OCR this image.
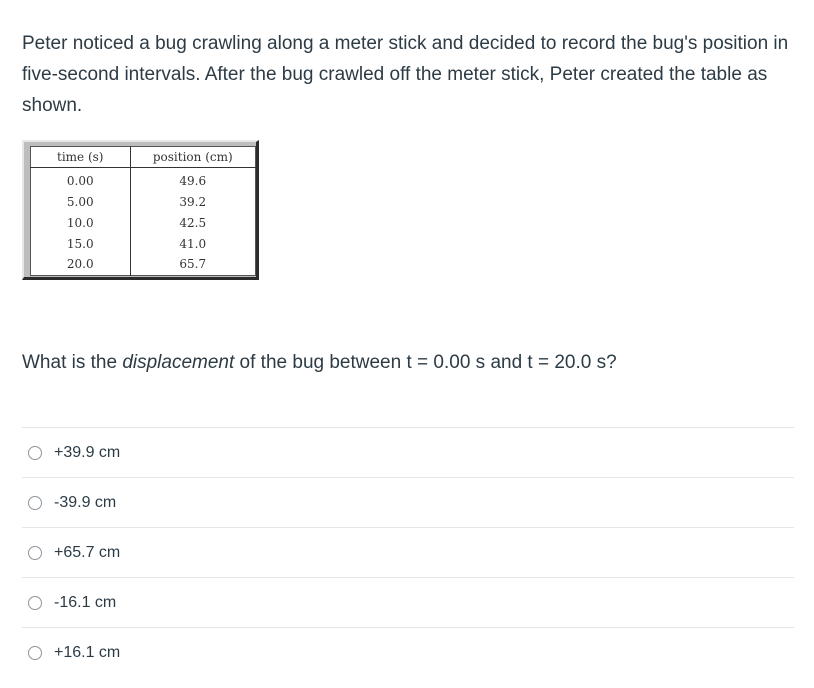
Peter noticed a bug crawling along a meter stick and decided to record the bug's position in five-second intervals. After the bug crawled off the meter stick, Peter created the table as shown.

time (s)	position (cm)
0.00	49.6
5.00	39.2
10.0	42.5
15.0	41.0
20.0	65.7

What is the displacement of the bug between t = 0.00 s and t = 20.0 s?

+39.9 cm
-39.9 cm
+65.7 cm
-16.1 cm
+16.1 cm
